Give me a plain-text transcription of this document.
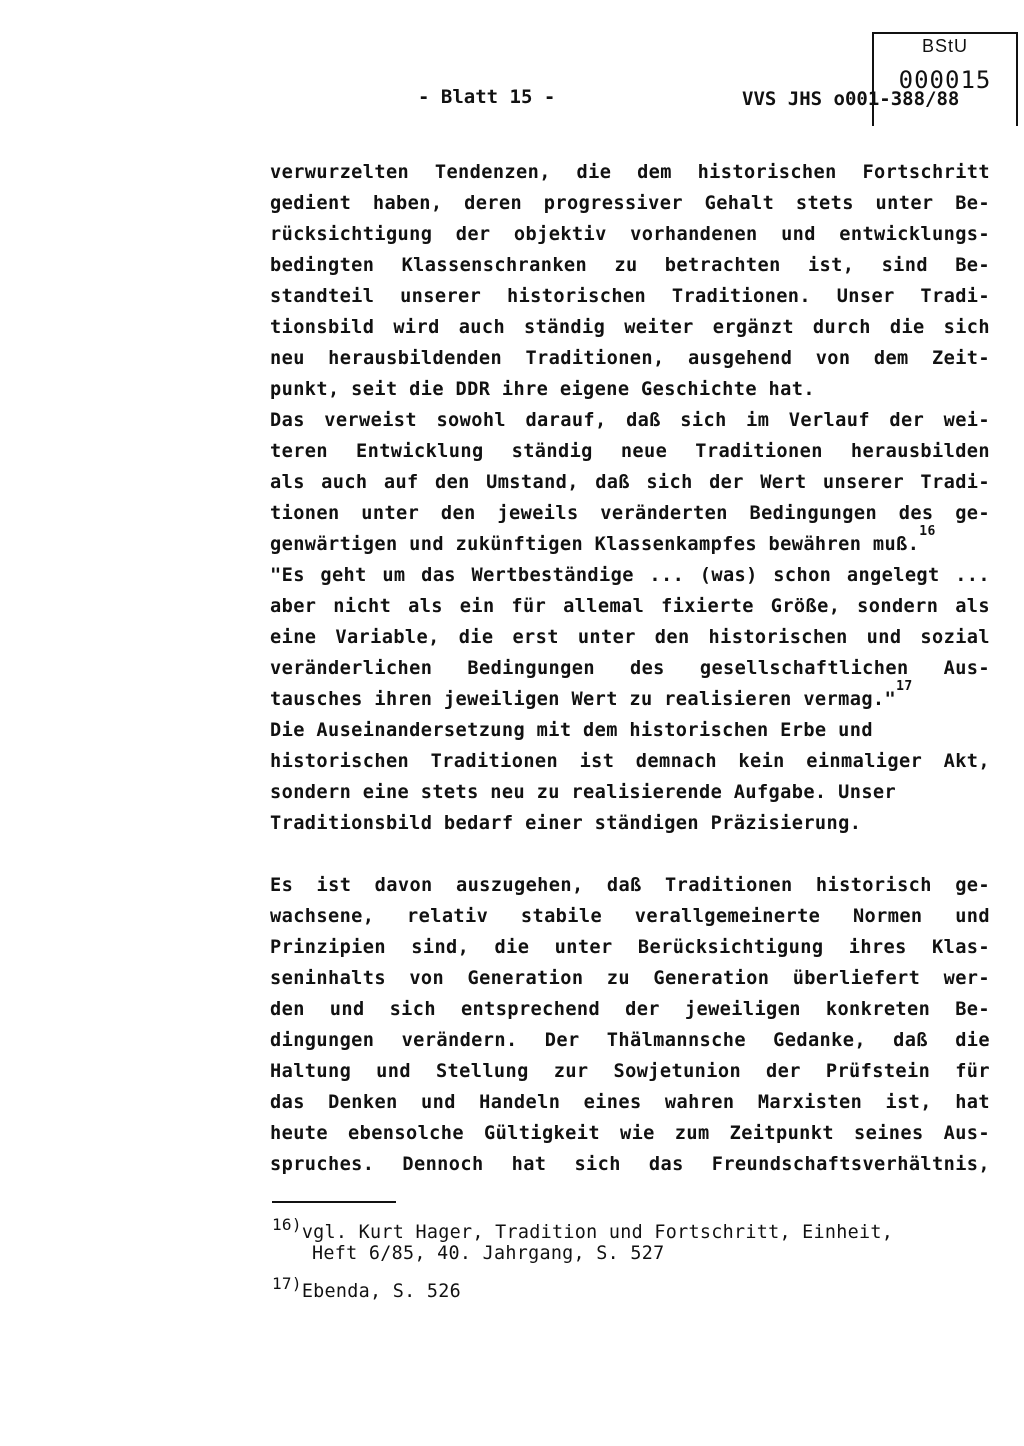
BStU
000015
- Blatt 15 -	VVS JHS o001-388/88
verwurzelten Tendenzen, die dem historischen Fortschritt
gedient haben, deren progressiver Gehalt stets unter Be-
rücksichtigung der objektiv vorhandenen und entwicklungs-
bedingten Klassenschranken zu betrachten ist, sind Be-
standteil unserer historischen Traditionen. Unser Tradi-
tionsbild wird auch ständig weiter ergänzt durch die sich
neu herausbildenden Traditionen, ausgehend von dem Zeit-
punkt, seit die DDR ihre eigene Geschichte hat.
Das verweist sowohl darauf, daß sich im Verlauf der wei-
teren Entwicklung ständig neue Traditionen herausbilden
als auch auf den Umstand, daß sich der Wert unserer Tradi-
tionen unter den jeweils veränderten Bedingungen des ge-
genwärtigen und zukünftigen Klassenkampfes bewähren muß.$^{16}$
"Es geht um das Wertbeständige ... (was) schon angelegt ...
aber nicht als ein für allemal fixierte Größe, sondern als
eine Variable, die erst unter den historischen und sozial
veränderlichen Bedingungen des gesellschaftlichen Aus-
tausches ihren jeweiligen Wert zu realisieren vermag."$^{17}$
Die Auseinandersetzung mit dem historischen Erbe und
historischen Traditionen ist demnach kein einmaliger Akt,
sondern eine stets neu zu realisierende Aufgabe. Unser
Traditionsbild bedarf einer ständigen Präzisierung.
Es ist davon auszugehen, daß Traditionen historisch ge-
wachsene, relativ stabile verallgemeinerte Normen und
Prinzipien sind, die unter Berücksichtigung ihres Klas-
seninhalts von Generation zu Generation überliefert wer-
den und sich entsprechend der jeweiligen konkreten Be-
dingungen verändern. Der Thälmannsche Gedanke, daß die
Haltung und Stellung zur Sowjetunion der Prüfstein für
das Denken und Handeln eines wahren Marxisten ist, hat
heute ebensolche Gültigkeit wie zum Zeitpunkt seines Aus-
spruches. Dennoch hat sich das Freundschaftsverhältnis,
16)vgl. Kurt Hager, Tradition und Fortschritt, Einheit,
Heft 6/85, 40. Jahrgang, S. 527
17)Ebenda, S. 526
